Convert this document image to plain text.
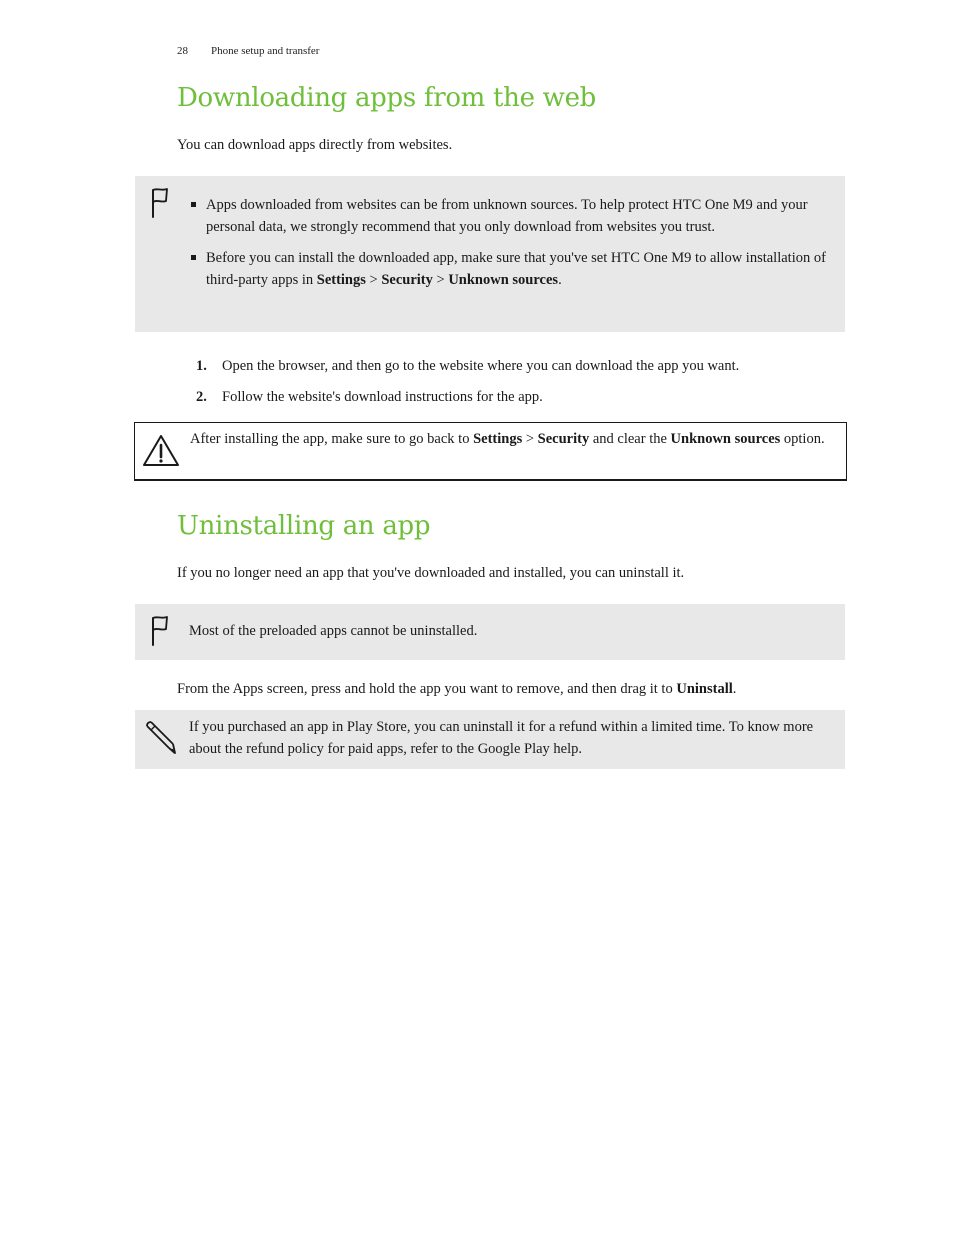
28 Phone setup and transfer
Downloading apps from the web

You can download apps directly from websites.

Apps downloaded from websites can be from unknown sources. To help protect HTC One M9 and your personal data, we strongly recommend that you only download from websites you trust.
Before you can install the downloaded app, make sure that you've set HTC One M9 to allow installation of third-party apps in Settings > Security > Unknown sources.
1. Open the browser, and then go to the website where you can download the app you want.
2. Follow the website's download instructions for the app.

After installing the app, make sure to go back to Settings > Security and clear the Unknown sources option.

Uninstalling an app

If you no longer need an app that you've downloaded and installed, you can uninstall it.

Most of the preloaded apps cannot be uninstalled.

From the Apps screen, press and hold the app you want to remove, and then drag it to Uninstall.

If you purchased an app in Play Store, you can uninstall it for a refund within a limited time. To know more about the refund policy for paid apps, refer to the Google Play help.
